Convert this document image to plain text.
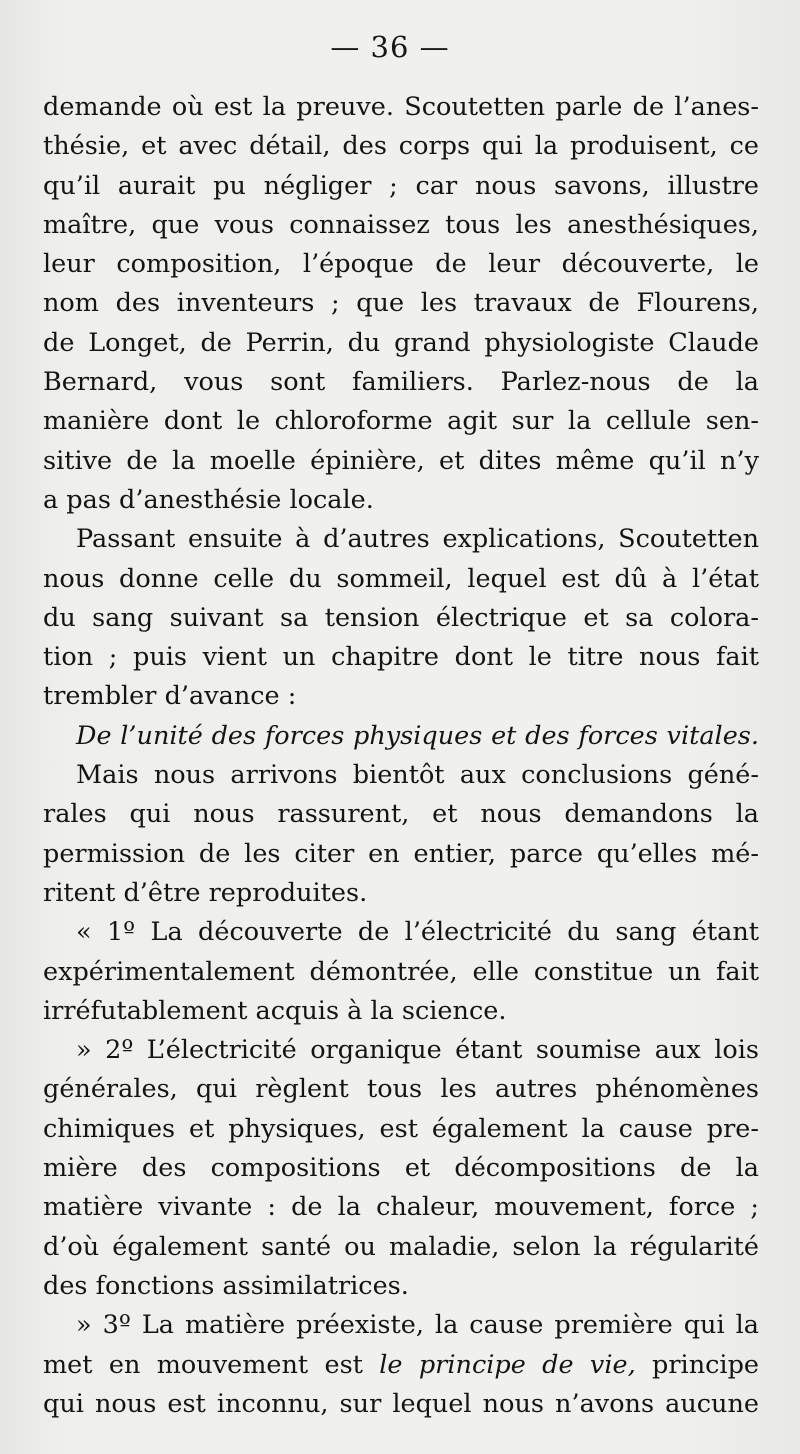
— 36 —
demande où est la preuve. Scoutetten parle de l’anes-
thésie, et avec détail, des corps qui la produisent, ce
qu’il aurait pu négliger ; car nous savons, illustre
maître, que vous connaissez tous les anesthésiques,
leur composition, l’époque de leur découverte, le
nom des inventeurs ; que les travaux de Flourens,
de Longet, de Perrin, du grand physiologiste Claude
Bernard, vous sont familiers. Parlez-nous de la
manière dont le chloroforme agit sur la cellule sen-
sitive de la moelle épinière, et dites même qu’il n’y
a pas d’anesthésie locale.
Passant ensuite à d’autres explications, Scoutetten
nous donne celle du sommeil, lequel est dû à l’état
du sang suivant sa tension électrique et sa colora-
tion ; puis vient un chapitre dont le titre nous fait
trembler d’avance :
De l’unité des forces physiques et des forces vitales.
Mais nous arrivons bientôt aux conclusions géné-
rales qui nous rassurent, et nous demandons la
permission de les citer en entier, parce qu’elles mé-
ritent d’être reproduites.
« 1º La découverte de l’électricité du sang étant
expérimentalement démontrée, elle constitue un fait
irréfutablement acquis à la science.
» 2º L’électricité organique étant soumise aux lois
générales, qui règlent tous les autres phénomènes
chimiques et physiques, est également la cause pre-
mière des compositions et décompositions de la
matière vivante : de la chaleur, mouvement, force ;
d’où également santé ou maladie, selon la régularité
des fonctions assimilatrices.
» 3º La matière préexiste, la cause première qui la
met en mouvement est le principe de vie, principe
qui nous est inconnu, sur lequel nous n’avons aucune
